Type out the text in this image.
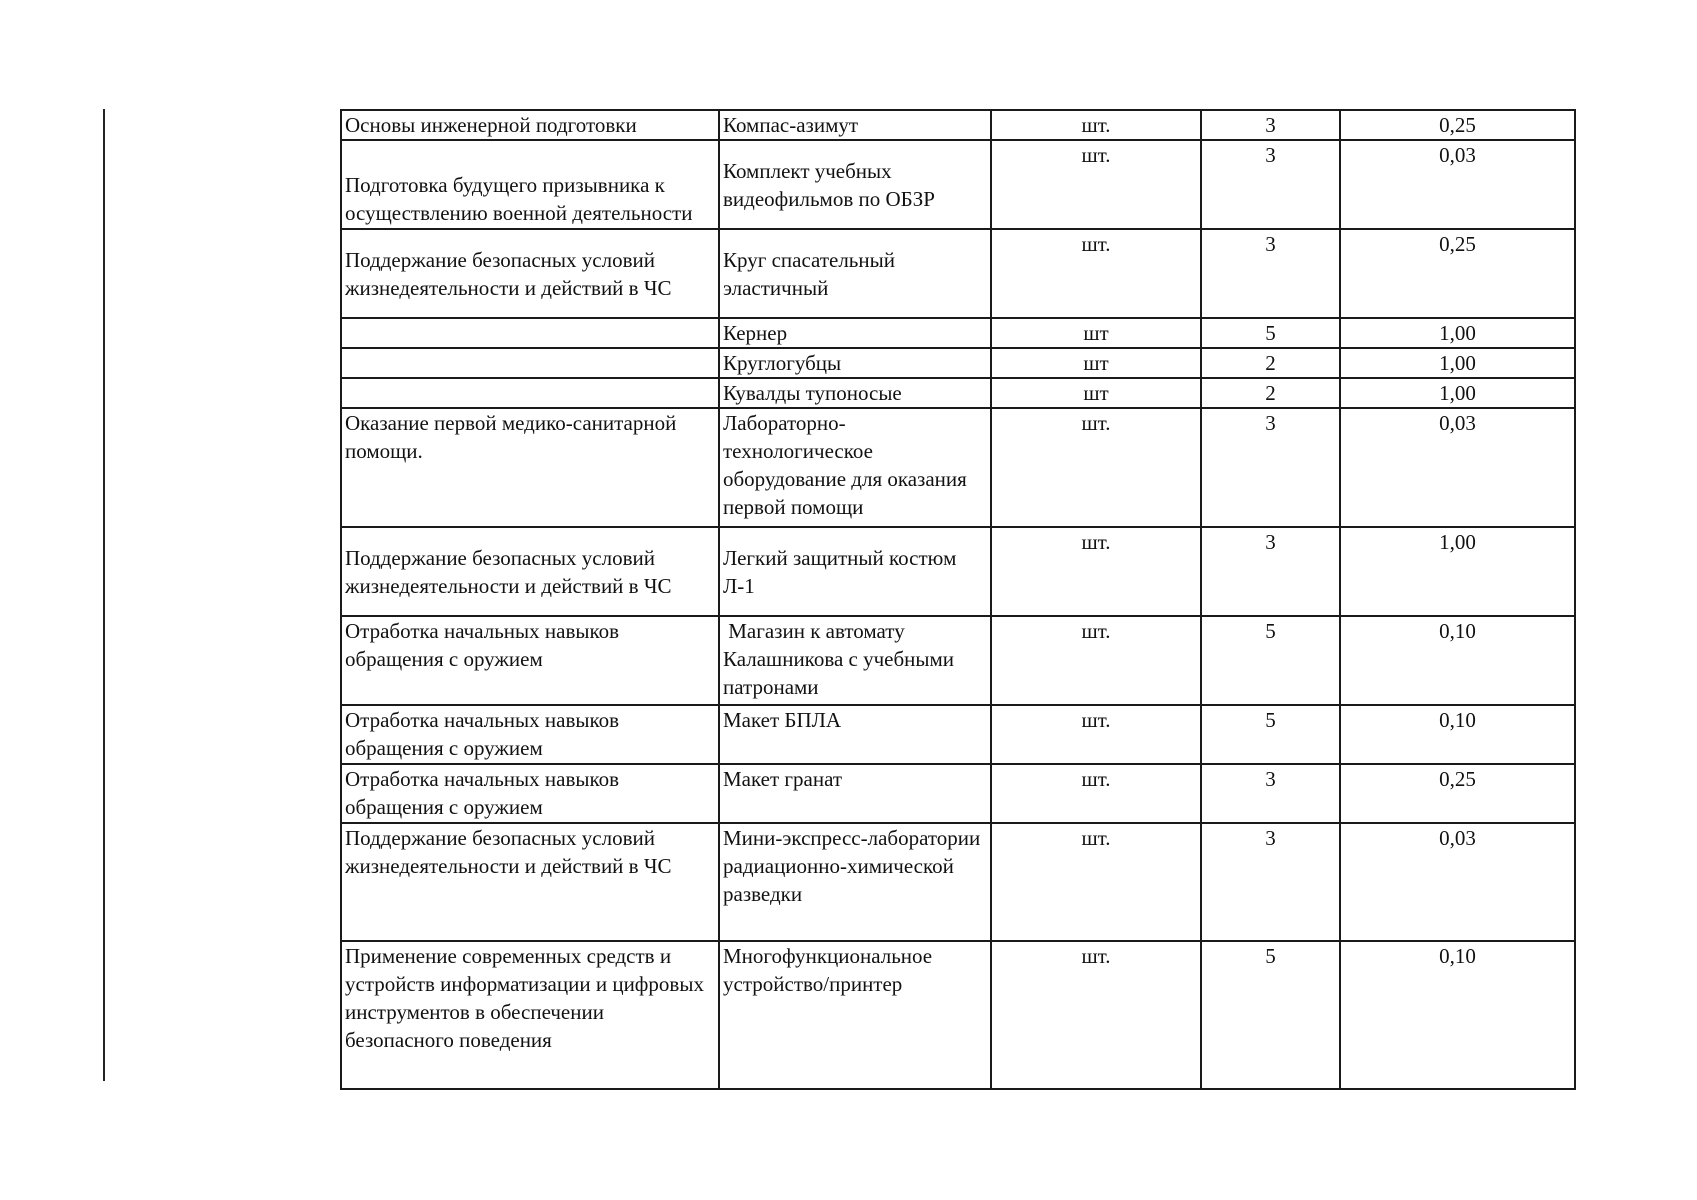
Основы инженерной подготовки	Компас-азимут	шт.	3	0,25
Подготовка будущего призывника к осуществлению военной деятельности	Комплект учебных видеофильмов по ОБЗР	шт.	3	0,03
Поддержание безопасных условий жизнедеятельности и действий в ЧС	Круг спасательный эластичный	шт.	3	0,25
	Кернер	шт	5	1,00
	Круглогубцы	шт	2	1,00
	Кувалды тупоносые	шт	2	1,00
Оказание первой медико-санитарной помощи.	Лабораторно-технологическое оборудование для оказания первой помощи	шт.	3	0,03
Поддержание безопасных условий жизнедеятельности и действий в ЧС	Легкий защитный костюм Л-1	шт.	3	1,00
Отработка начальных навыков обращения с оружием	Магазин к автомату Калашникова с учебными патронами	шт.	5	0,10
Отработка начальных навыков обращения с оружием	Макет БПЛА	шт.	5	0,10
Отработка начальных навыков обращения с оружием	Макет гранат	шт.	3	0,25
Поддержание безопасных условий жизнедеятельности и действий в ЧС	Мини-экспресс-лаборатории радиационно-химической разведки	шт.	3	0,03
Применение современных средств и устройств информатизации и цифровых инструментов в обеспечении безопасного поведения	Многофункциональное устройство/принтер	шт.	5	0,10
